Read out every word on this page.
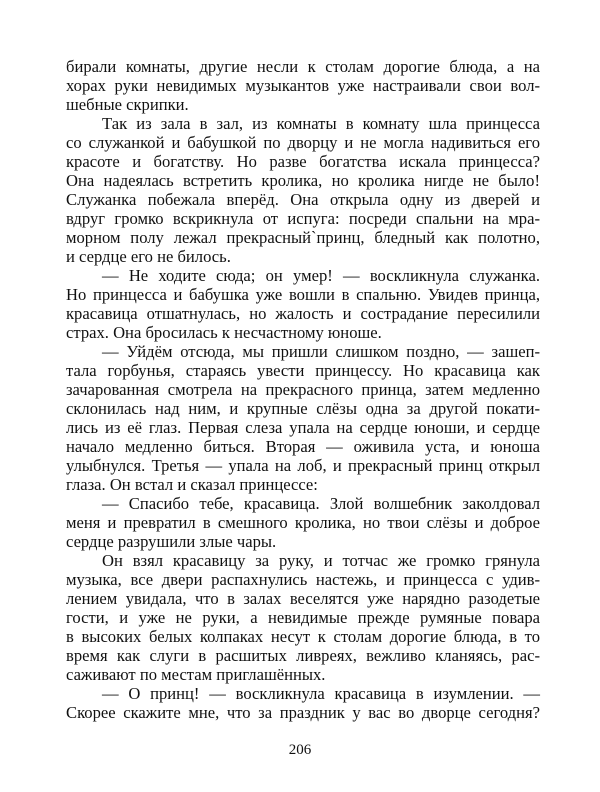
бирали комнаты, другие несли к столам дорогие блюда, а на
хорах руки невидимых музыкантов уже настраивали свои вол-
шебные скрипки.
Так из зала в зал, из комнаты в комнату шла принцесса
со служанкой и бабушкой по дворцу и не могла надивиться его
красоте и богатству. Но разве богатства искала принцесса?
Она надеялась встретить кролика, но кролика нигде не было!
Служанка побежала вперёд. Она открыла одну из дверей и
вдруг громко вскрикнула от испуга: посреди спальни на мра-
морном полу лежал прекрасный`принц, бледный как полотно,
и сердце его не билось.
— Не ходите сюда; он умер! — воскликнула служанка.
Но принцесса и бабушка уже вошли в спальню. Увидев принца,
красавица отшатнулась, но жалость и сострадание пересилили
страх. Она бросилась к несчастному юноше.
— Уйдём отсюда, мы пришли слишком поздно, — зашеп-
тала горбунья, стараясь увести принцессу. Но красавица как
зачарованная смотрела на прекрасного принца, затем медленно
склонилась над ним, и крупные слёзы одна за другой покати-
лись из её глаз. Первая слеза упала на сердце юноши, и сердце
начало медленно биться. Вторая — оживила уста, и юноша
улыбнулся. Третья — упала на лоб, и прекрасный принц открыл
глаза. Он встал и сказал принцессе:
— Спасибо тебе, красавица. Злой волшебник заколдовал
меня и превратил в смешного кролика, но твои слёзы и доброе
сердце разрушили злые чары.
Он взял красавицу за руку, и тотчас же громко грянула
музыка, все двери распахнулись настежь, и принцесса с удив-
лением увидала, что в залах веселятся уже нарядно разодетые
гости, и уже не руки, а невидимые прежде румяные повара
в высоких белых колпаках несут к столам дорогие блюда, в то
время как слуги в расшитых ливреях, вежливо кланяясь, рас-
саживают по местам приглашённых.
— О принц! — воскликнула красавица в изумлении. —
Скорее скажите мне, что за праздник у вас во дворце сегодня?
206
